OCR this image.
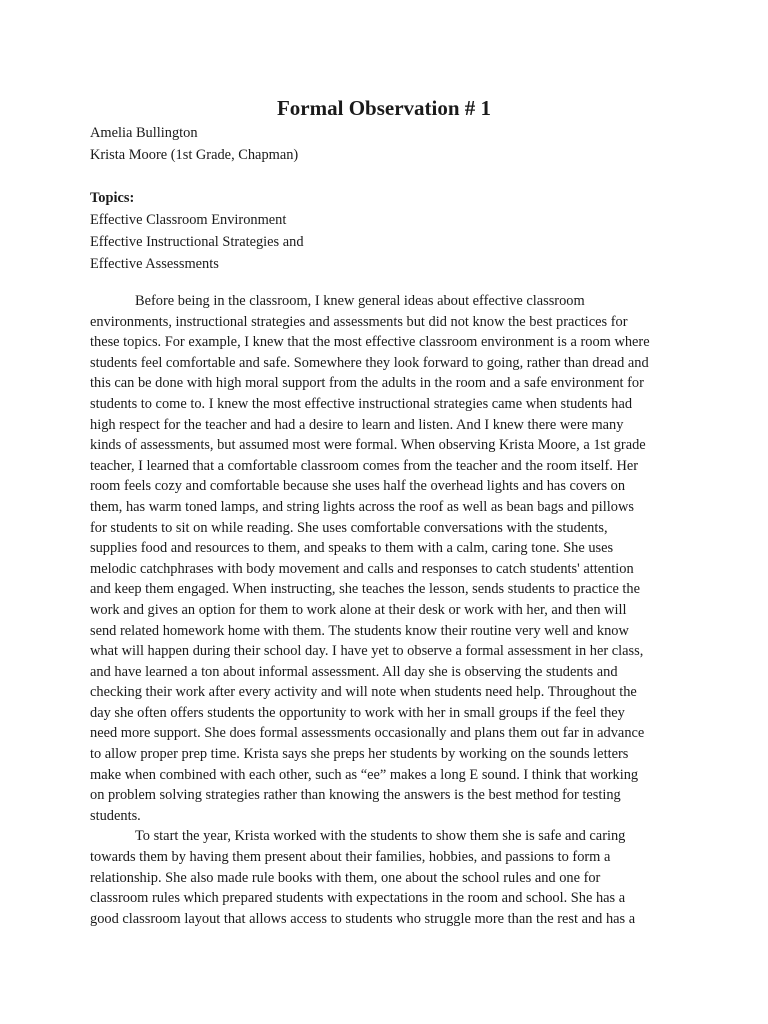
Formal Observation # 1
Amelia Bullington
Krista Moore (1st Grade, Chapman)
Topics:
Effective Classroom Environment
Effective Instructional Strategies and
Effective Assessments
Before being in the classroom, I knew general ideas about effective classroom
environments, instructional strategies and assessments but did not know the best practices for
these topics. For example, I knew that the most effective classroom environment is a room where
students feel comfortable and safe. Somewhere they look forward to going, rather than dread and
this can be done with high moral support from the adults in the room and a safe environment for
students to come to. I knew the most effective instructional strategies came when students had
high respect for the teacher and had a desire to learn and listen. And I knew there were many
kinds of assessments, but assumed most were formal. When observing Krista Moore, a 1st grade
teacher, I learned that a comfortable classroom comes from the teacher and the room itself. Her
room feels cozy and comfortable because she uses half the overhead lights and has covers on
them, has warm toned lamps, and string lights across the roof as well as bean bags and pillows
for students to sit on while reading. She uses comfortable conversations with the students,
supplies food and resources to them, and speaks to them with a calm, caring tone. She uses
melodic catchphrases with body movement and calls and responses to catch students' attention
and keep them engaged. When instructing, she teaches the lesson, sends students to practice the
work and gives an option for them to work alone at their desk or work with her, and then will
send related homework home with them. The students know their routine very well and know
what will happen during their school day. I have yet to observe a formal assessment in her class,
and have learned a ton about informal assessment. All day she is observing the students and
checking their work after every activity and will note when students need help. Throughout the
day she often offers students the opportunity to work with her in small groups if the feel they
need more support. She does formal assessments occasionally and plans them out far in advance
to allow proper prep time. Krista says she preps her students by working on the sounds letters
make when combined with each other, such as “ee” makes a long E sound. I think that working
on problem solving strategies rather than knowing the answers is the best method for testing
students.
To start the year, Krista worked with the students to show them she is safe and caring
towards them by having them present about their families, hobbies, and passions to form a
relationship. She also made rule books with them, one about the school rules and one for
classroom rules which prepared students with expectations in the room and school. She has a
good classroom layout that allows access to students who struggle more than the rest and has a
